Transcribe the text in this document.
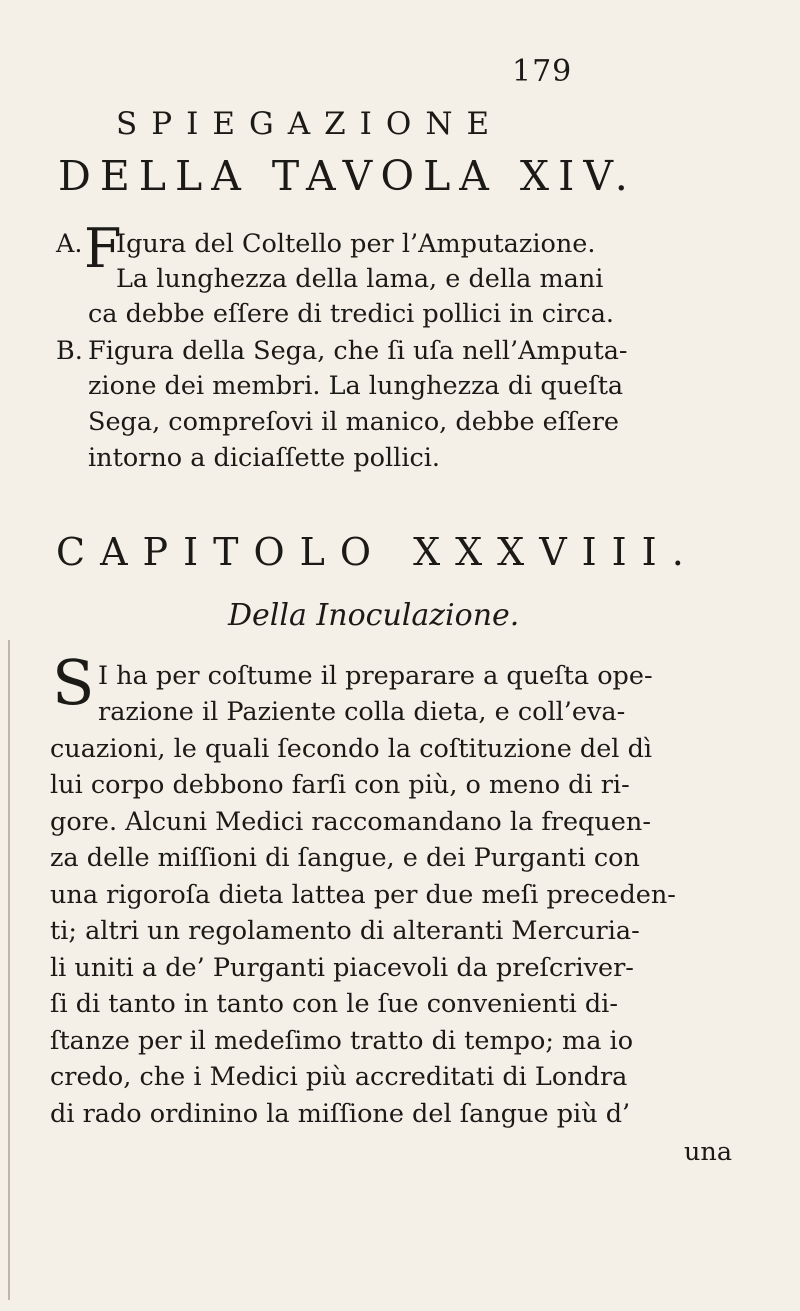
179
SPIEGAZIONE
DELLA TAVOLA XIV.
A. F
Igura del Coltello per l’Amputazione.
La lunghezza della lama, e della mani
ca debbe eſſere di tredici pollici in circa.
B. Figura della Sega, che ſi uſa nell’Amputa-
zione dei membri. La lunghezza di queſta
Sega, compreſovi il manico, debbe eſſere
intorno a diciaſſette pollici.
CAPITOLO XXXVIII.
Della Inoculazione.
S I ha per coſtume il preparare a queſta ope-
razione il Paziente colla dieta, e coll’eva-
cuazioni, le quali ſecondo la coſtituzione del dì
lui corpo debbono farſi con più, o meno di ri-
gore. Alcuni Medici raccomandano la frequen-
za delle miſſioni di ſangue, e dei Purganti con
una rigoroſa dieta lattea per due meſi preceden-
ti; altri un regolamento di alteranti Mercuria-
li uniti a de’ Purganti piacevoli da preſcriver-
ſi di tanto in tanto con le ſue convenienti di-
ſtanze per il medeſimo tratto di tempo; ma io
credo, che i Medici più accreditati di Londra
di rado ordinino la miſſione del ſangue più d’
una
